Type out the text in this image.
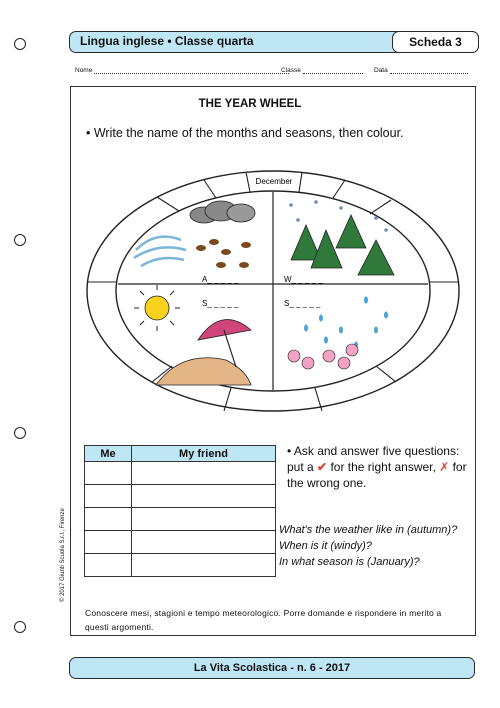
Lingua inglese • Classe quarta	Scheda 3
Nome	Classe	Data
THE YEAR WHEEL
• Write the name of the months and seasons, then colour.
December
A_ _ _ _ _	W_ _ _ _ _
S_ _ _ _ _	S_ _ _ _ _
Me	My friend

		• Ask and answer five questions: put a ✔ for the right answer, ✗ for the wrong one.
What's the weather like in (autumn)?
When is it (windy)?
In what season is (January)?
Conoscere mesi, stagioni e tempo meteorologico. Porre domande e rispondere in merito a questi argomenti.
© 2017 Giunti Scuola S.r.l., Firenze
La Vita Scolastica - n. 6 - 2017
